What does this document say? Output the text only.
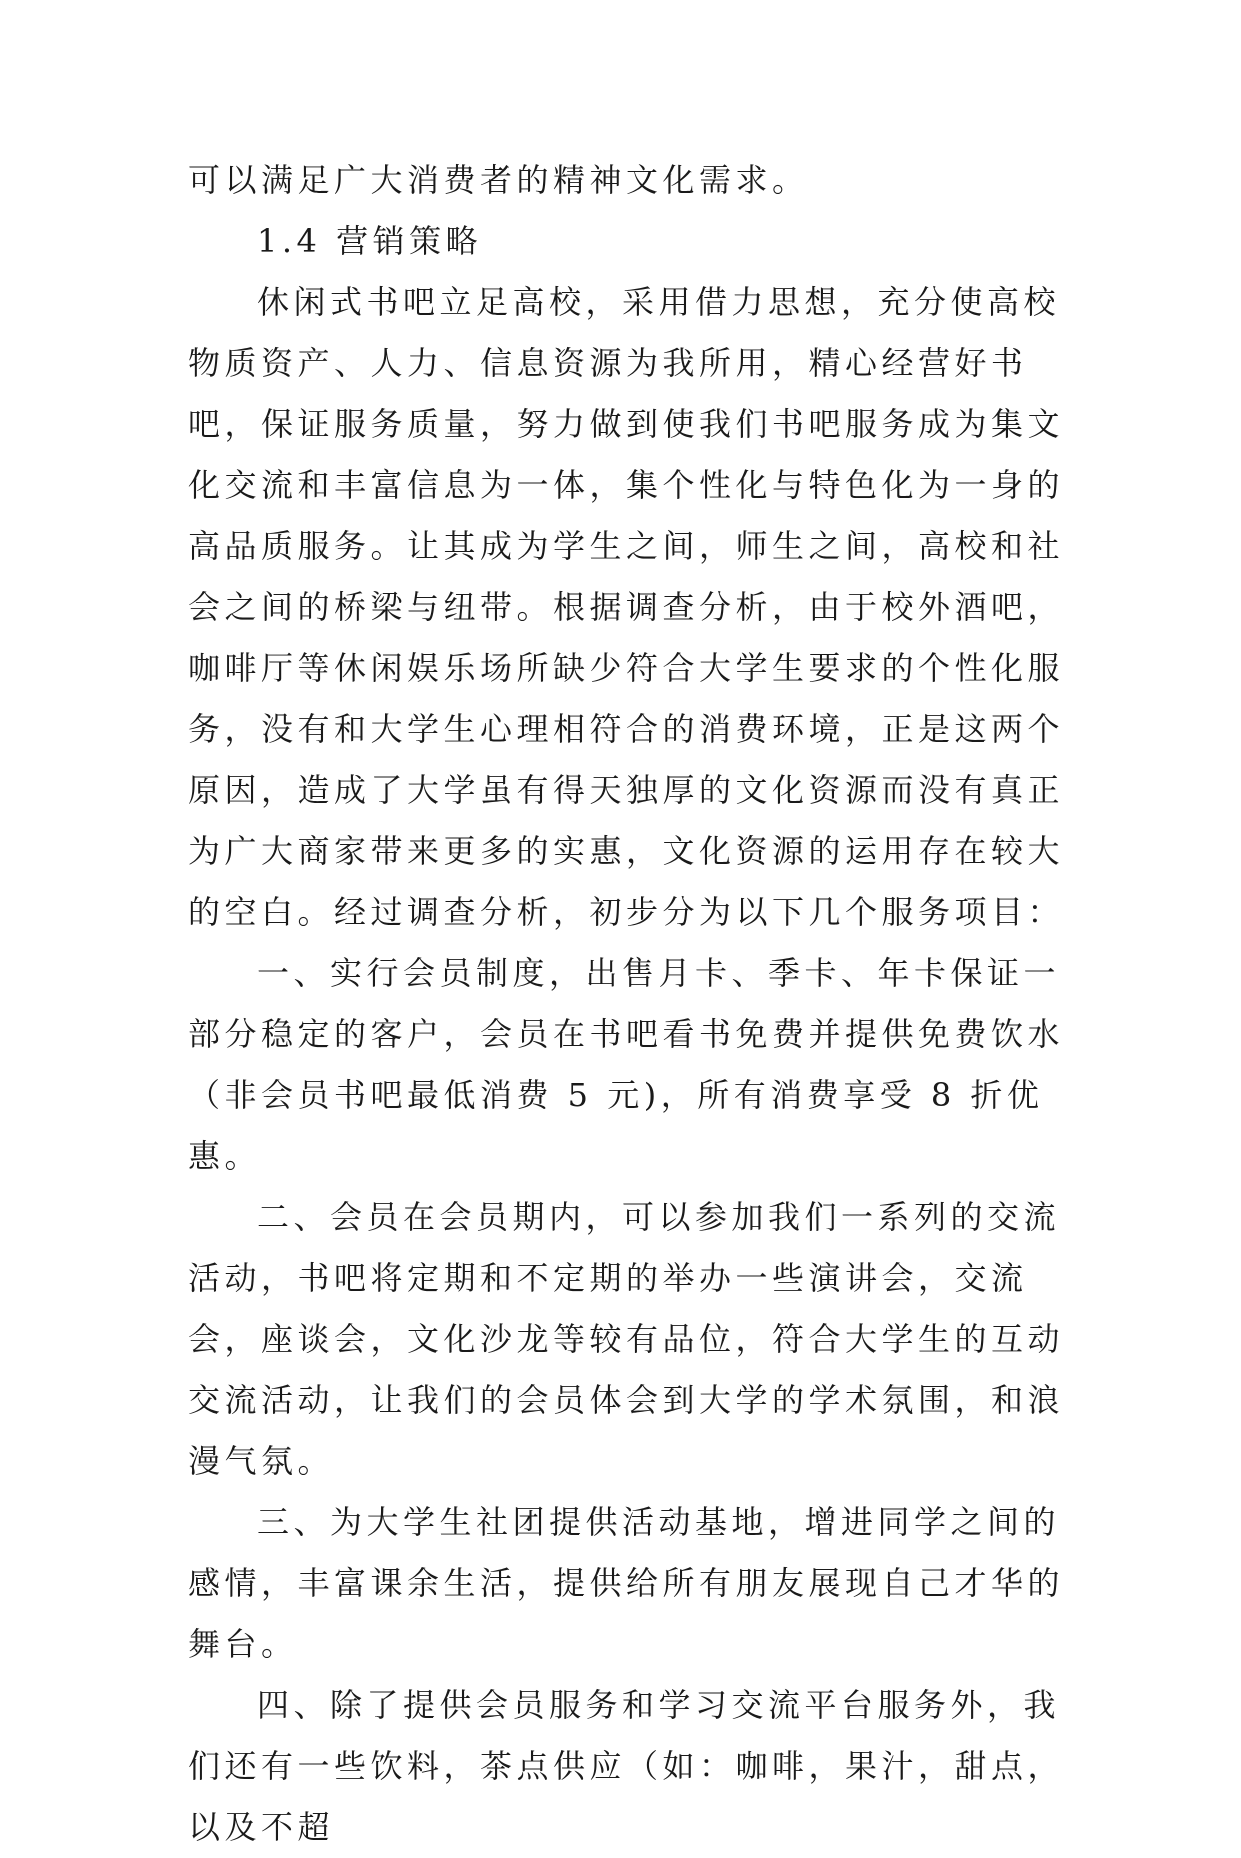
可以满足广大消费者的精神文化需求。

1.4 营销策略

休闲式书吧立足高校，采用借力思想，充分使高校物质资产、人力、信息资源为我所用，精心经营好书吧，保证服务质量，努力做到使我们书吧服务成为集文化交流和丰富信息为一体，集个性化与特色化为一身的高品质服务。让其成为学生之间，师生之间，高校和社会之间的桥梁与纽带。根据调查分析，由于校外酒吧，咖啡厅等休闲娱乐场所缺少符合大学生要求的个性化服务，没有和大学生心理相符合的消费环境，正是这两个原因，造成了大学虽有得天独厚的文化资源而没有真正为广大商家带来更多的实惠，文化资源的运用存在较大的空白。经过调查分析，初步分为以下几个服务项目：

一、实行会员制度，出售月卡、季卡、年卡保证一部分稳定的客户，会员在书吧看书免费并提供免费饮水（非会员书吧最低消费 5 元)，所有消费享受 8 折优惠。

二、会员在会员期内，可以参加我们一系列的交流活动，书吧将定期和不定期的举办一些演讲会，交流会，座谈会，文化沙龙等较有品位，符合大学生的互动交流活动，让我们的会员体会到大学的学术氛围，和浪漫气氛。

三、为大学生社团提供活动基地，增进同学之间的感情，丰富课余生活，提供给所有朋友展现自己才华的舞台。

四、除了提供会员服务和学习交流平台服务外，我们还有一些饮料，茶点供应（如：咖啡，果汁，甜点，以及不超
